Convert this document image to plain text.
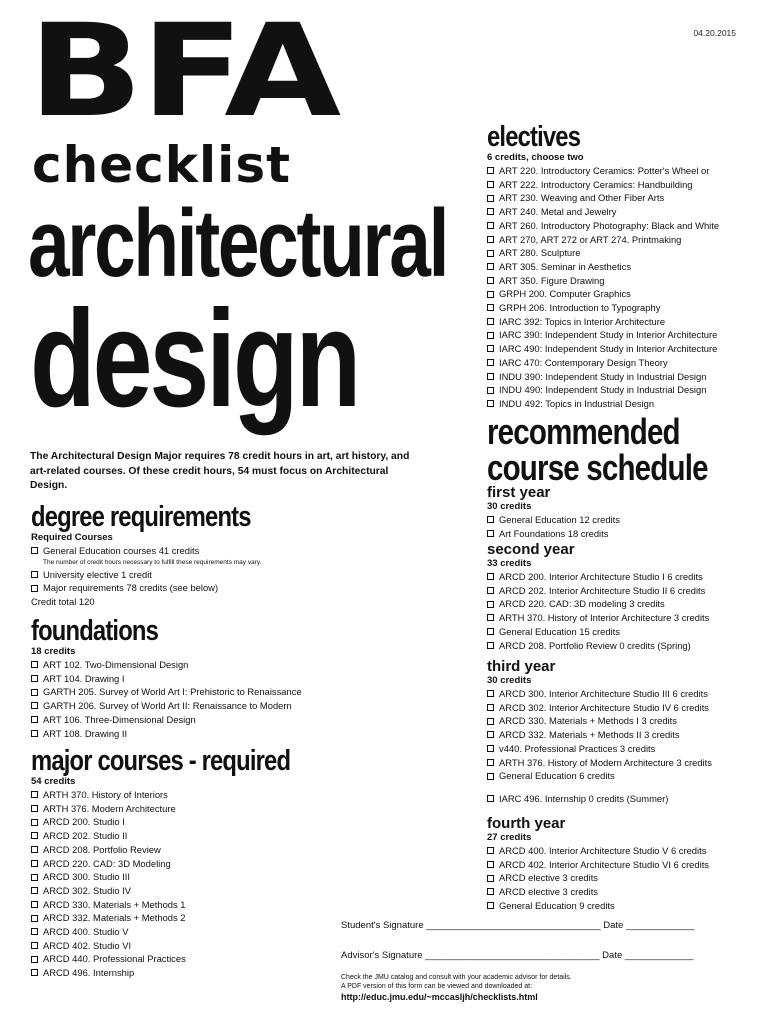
04.20.2015
BFA
checklist
architectural
design
The Architectural Design Major requires 78 credit hours in art, art history, and art-related courses. Of these credit hours, 54 must focus on Architectural Design.
degree requirements
Required Courses
General Education courses 41 credits
The number of credit hours necessary to fulfill these requirements may vary.
University elective 1 credit
Major requirements 78 credits (see below)
Credit total 120
foundations
18 credits
ART 102. Two-Dimensional Design
ART 104. Drawing I
GARTH 205. Survey of World Art I: Prehistoric to Renaissance
GARTH 206. Survey of World Art II: Renaissance to Modern
ART 106. Three-Dimensional Design
ART 108. Drawing II
major courses - required
54 credits
ARTH 370. History of Interiors
ARTH 376. Modern Architecture
ARCD 200. Studio I
ARCD 202. Studio II
ARCD 208. Portfolio Review
ARCD 220. CAD: 3D Modeling
ARCD 300. Studio III
ARCD 302. Studio IV
ARCD 330. Materials + Methods 1
ARCD 332. Materials + Methods 2
ARCD 400. Studio V
ARCD 402. Studio VI
ARCD 440. Professional Practices
ARCD 496. Internship
electives
6 credits, choose two
ART 220. Introductory Ceramics: Potter's Wheel or
ART 222. Introductory Ceramics: Handbuilding
ART 230. Weaving and Other Fiber Arts
ART 240. Metal and Jewelry
ART 260. Introductory Photography: Black and White
ART 270, ART 272 or ART 274. Printmaking
ART 280. Sculpture
ART 305. Seminar in Aesthetics
ART 350. Figure Drawing
GRPH 200. Computer Graphics
GRPH 206. Introduction to Typography
IARC 392: Topics in Interior Architecture
IARC 390: Independent Study in Interior Architecture
IARC 490: Independent Study in Interior Architecture
IARC 470: Contemporary Design Theory
INDU 390: Independent Study in Industrial Design
INDU 490: Independent Study in Industrial Design
INDU 492: Topics in Industrial Design
recommended
course schedule
first year
30 credits
General Education 12 credits
Art Foundations 18 credits
second year
33 credits
ARCD 200. Interior Architecture Studio I 6 credits
ARCD 202. Interior Architecture Studio II 6 credits
ARCD 220. CAD: 3D modeling 3 credits
ARTH 370. History of Interior Architecture 3 credits
General Education 15 credits
ARCD 208. Portfolio Review 0 credits (Spring)
third year
30 credits
ARCD 300. Interior Architecture Studio III 6 credits
ARCD 302. Interior Architecture Studio IV 6 credits
ARCD 330. Materials + Methods I 3 credits
ARCD 332. Materials + Methods II 3 credits
v440. Professional Practices 3 credits
ARTH 376. History of Modern Architecture 3 credits
General Education 6 credits
IARC 496. Internship 0 credits (Summer)
fourth year
27 credits
ARCD 400. Interior Architecture Studio V 6 credits
ARCD 402. Interior Architecture Studio VI 6 credits
ARCD elective 3 credits
ARCD elective 3 credits
General Education 9 credits
Student's Signature _________________________________ Date _____________
Advisor's Signature _________________________________ Date _____________
Check the JMU catalog and consult with your academic advisor for details.
A PDF version of this form can be viewed and downloaded at:
http://educ.jmu.edu/~mccasljh/checklists.html
